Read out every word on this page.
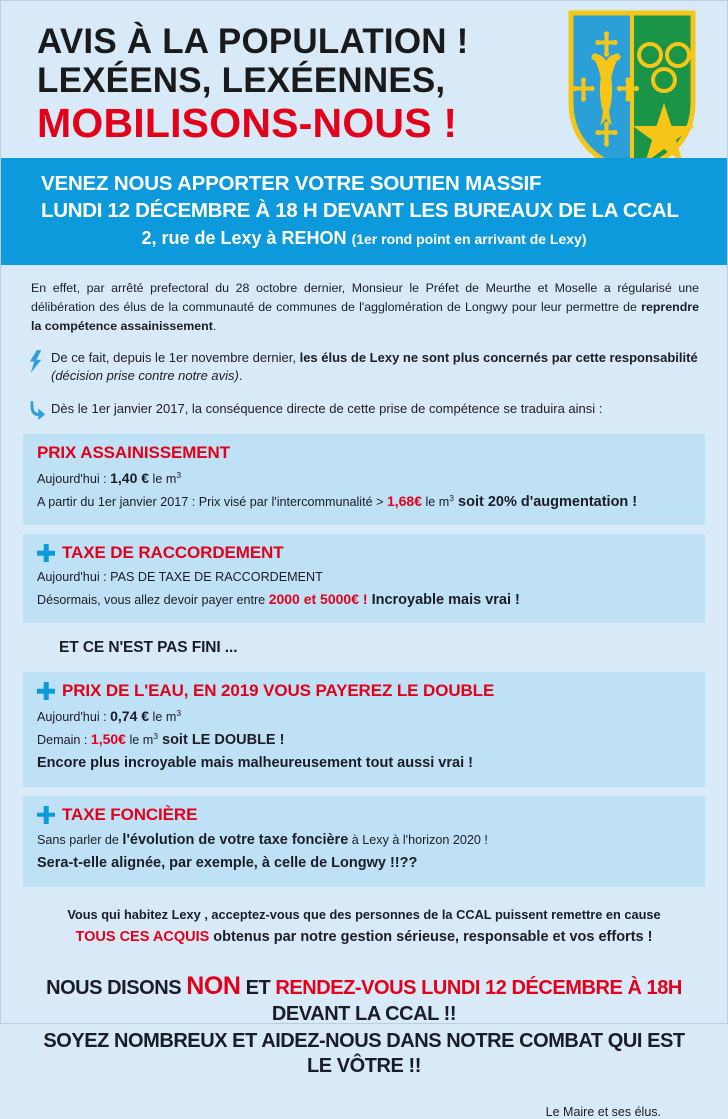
AVIS À LA POPULATION !
LEXÉENS, LEXÉENNES,
MOBILISONS-NOUS !
VENEZ NOUS APPORTER VOTRE SOUTIEN MASSIF
LUNDI 12 DÉCEMBRE À 18 H DEVANT LES BUREAUX DE LA CCAL
2, rue de Lexy à REHON (1er rond point en arrivant de Lexy)

En effet, par arrêté prefectoral du 28 octobre dernier, Monsieur le Préfet de Meurthe et Moselle a régularisé une délibération des élus de la communauté de communes de l'agglomération de Longwy pour leur permettre de reprendre la compétence assainissement.

De ce fait, depuis le 1er novembre dernier, les élus de Lexy ne sont plus concernés par cette responsabilité (décision prise contre notre avis).
Dès le 1er janvier 2017, la conséquence directe de cette prise de compétence se traduira ainsi :
PRIX ASSAINISSEMENT
Aujourd'hui : 1,40 € le $m^3$
A partir du 1er janvier 2017 : Prix visé par l'intercommunalité > 1,68€ le $m^3$ soit 20% d'augmentation !
TAXE DE RACCORDEMENT
Aujourd'hui : PAS DE TAXE DE RACCORDEMENT
Désormais, vous allez devoir payer entre 2000 et 5000€ ! Incroyable mais vrai !
ET CE N'EST PAS FINI ...
PRIX DE L'EAU, EN 2019 VOUS PAYEREZ LE DOUBLE
Aujourd'hui : 0,74 € le $m^3$
Demain : 1,50€ le $m^3$ soit LE DOUBLE !
Encore plus incroyable mais malheureusement tout aussi vrai !
TAXE FONCIÈRE
Sans parler de l'évolution de votre taxe foncière à Lexy à l'horizon 2020 !
Sera-t-elle alignée, par exemple, à celle de Longwy !!??
Vous qui habitez Lexy , acceptez-vous que des personnes de la CCAL puissent remettre en cause
TOUS CES ACQUIS obtenus par notre gestion sérieuse, responsable et vos efforts !
NOUS DISONS NON ET RENDEZ-VOUS LUNDI 12 DÉCEMBRE À 18H DEVANT LA CCAL !!
SOYEZ NOMBREUX ET AIDEZ-NOUS DANS NOTRE COMBAT QUI EST LE VÔTRE !!
Le Maire et ses élus.
